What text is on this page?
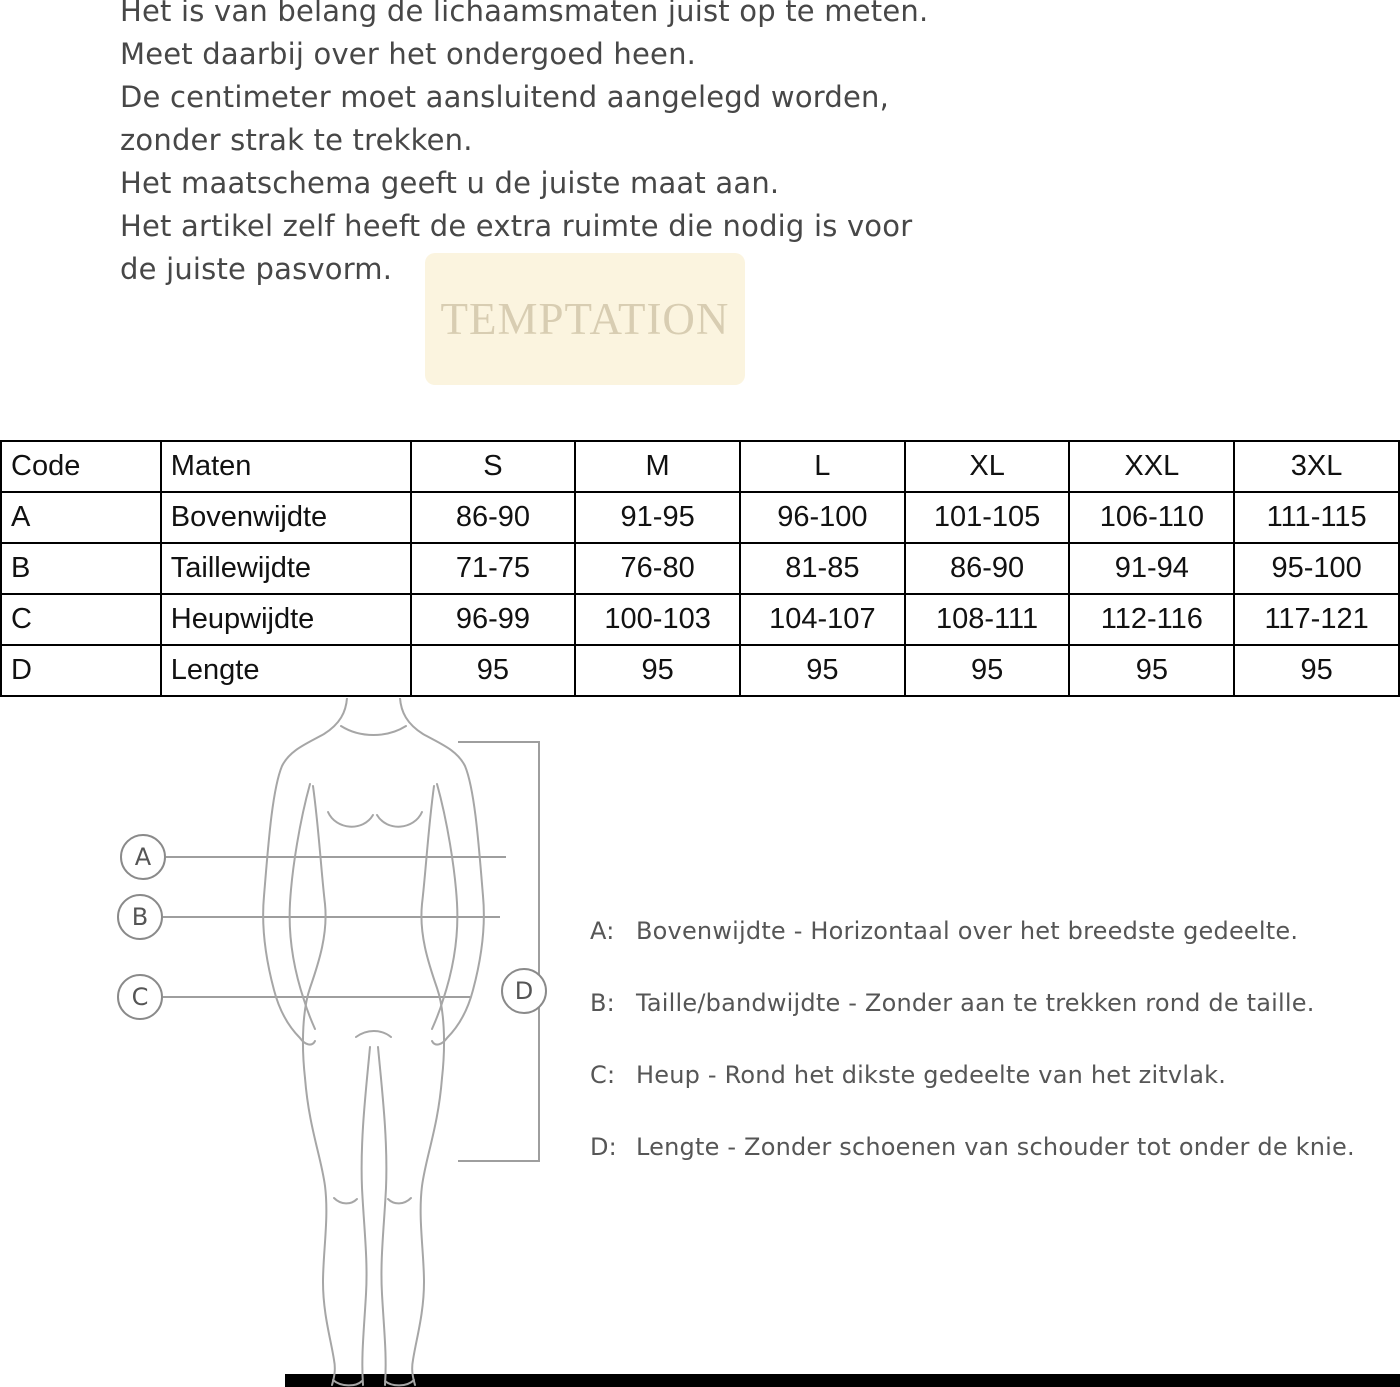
Het is van belang de lichaamsmaten juist op te meten.
Meet daarbij over het ondergoed heen.
De centimeter moet aansluitend aangelegd worden,
zonder strak te trekken.
Het maatschema geeft u de juiste maat aan.
Het artikel zelf heeft de extra ruimte die nodig is voor
de juiste pasvorm.
TEMPTATION
Code	Maten	S	M	L	XL	XXL	3XL
A	Bovenwijdte	86-90	91-95	96-100	101-105	106-110	111-115
B	Taillewijdte	71-75	76-80	81-85	86-90	91-94	95-100
C	Heupwijdte	96-99	100-103	104-107	108-111	112-116	117-121
D	Lengte	95	95	95	95	95	95
A
B
C	D
A: Bovenwijdte - Horizontaal over het breedste gedeelte.
B: Taille/bandwijdte - Zonder aan te trekken rond de taille.
C: Heup - Rond het dikste gedeelte van het zitvlak.
D: Lengte - Zonder schoenen van schouder tot onder de knie.
